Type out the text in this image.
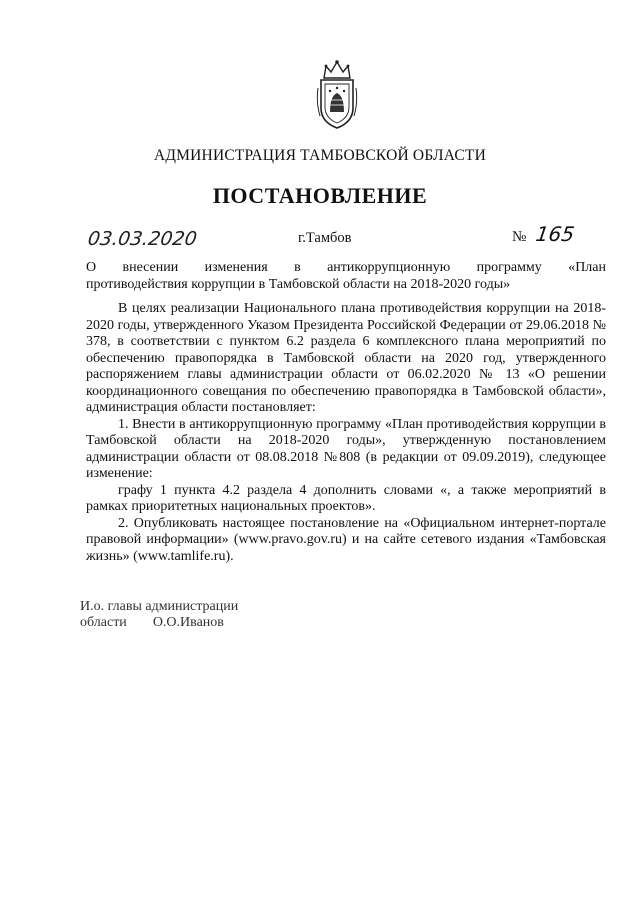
АДМИНИСТРАЦИЯ ТАМБОВСКОЙ ОБЛАСТИ
ПОСТАНОВЛЕНИЕ
03.03.2020	г.Тамбов	№ 165

О внесении изменения в антикоррупционную программу «План

противодействия коррупции в Тамбовской области на 2018-2020 годы»

В целях реализации Национального плана противодействия коррупции на 2018-2020 годы, утвержденного Указом Президента Российской Федерации от 29.06.2018 № 378, в соответствии с пунктом 6.2 раздела 6 комплексного плана мероприятий по обеспечению правопорядка в Тамбовской области на 2020 год, утвержденного распоряжением главы администрации области от 06.02.2020 № 13 «О решении координационного совещания по обеспечению правопорядка в Тамбовской области», администрация области постановляет:

1. Внести в антикоррупционную программу «План противодействия коррупции в Тамбовской области на 2018-2020 годы», утвержденную постановлением администрации области от 08.08.2018 №808 (в редакции от 09.09.2019), следующее изменение:

графу 1 пункта 4.2 раздела 4 дополнить словами «, а также мероприятий в рамках приоритетных национальных проектов».

2. Опубликовать настоящее постановление на «Официальном интернет-портале правовой информации» (www.pravo.gov.ru) и на сайте сетевого издания «Тамбовская жизнь» (www.tamlife.ru).

И.о. главы администрации
области О.О.Иванов
